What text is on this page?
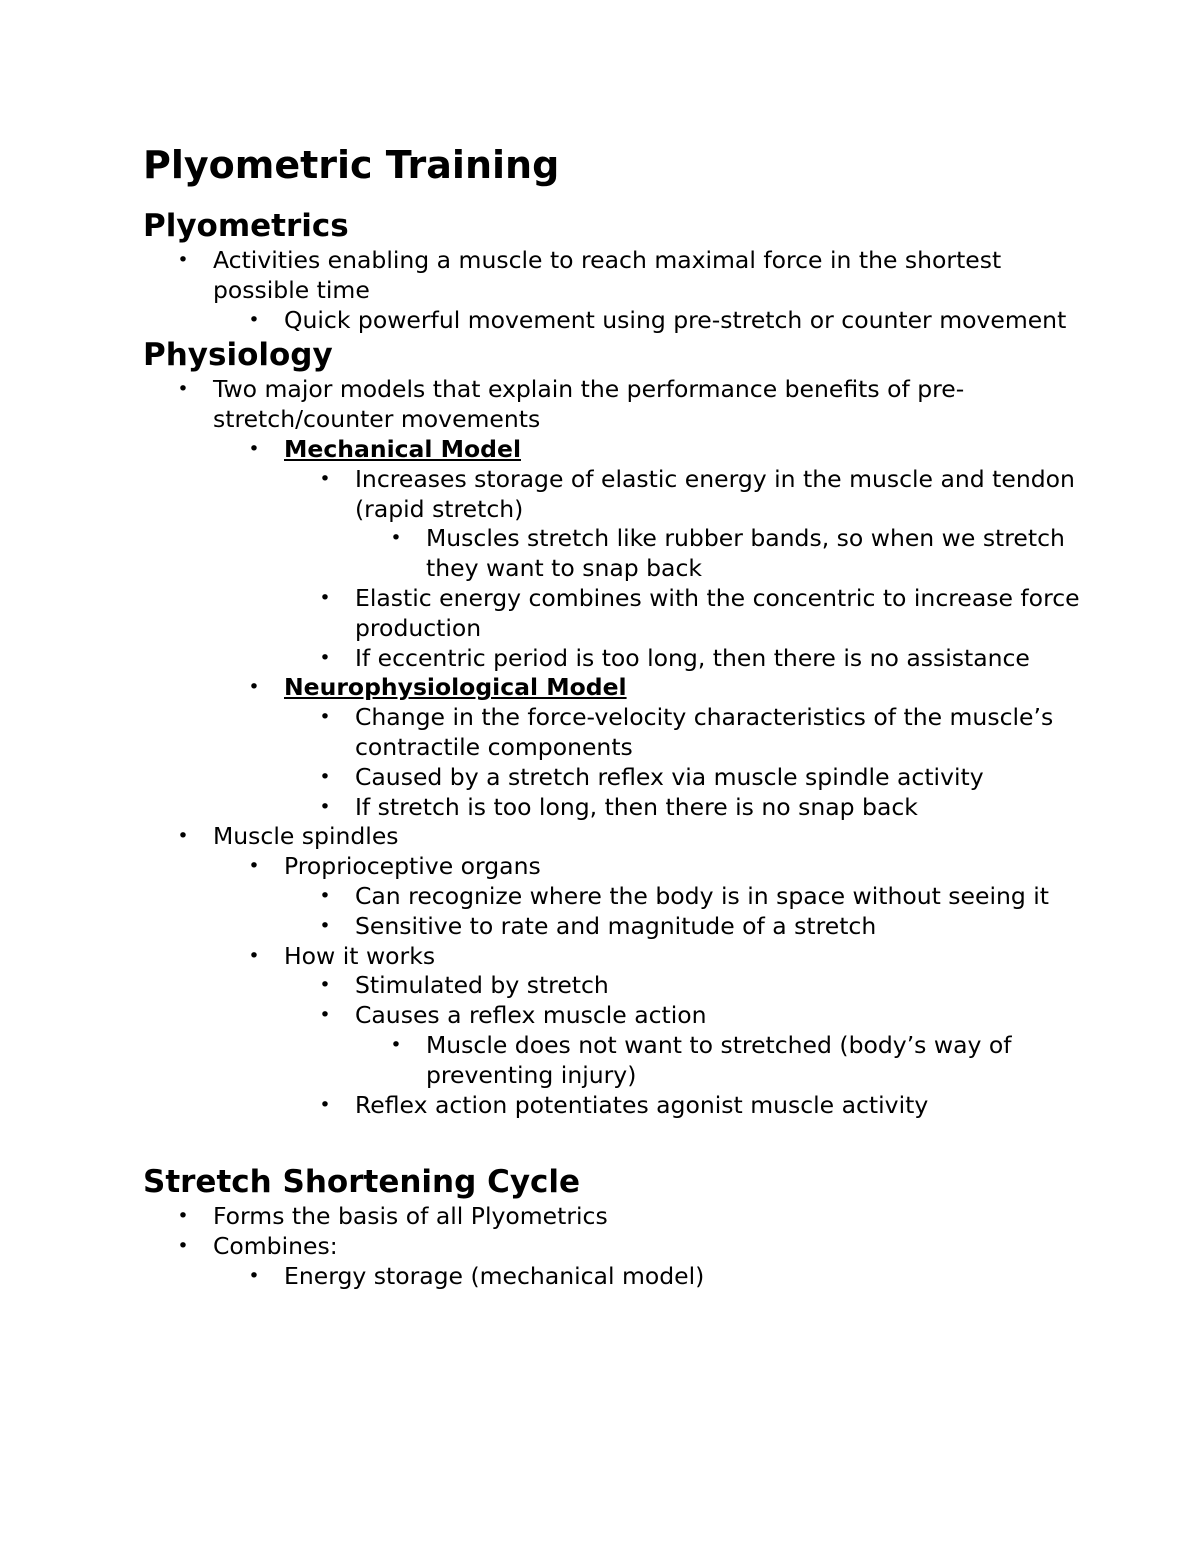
Plyometric Training
Plyometrics
• Activities enabling a muscle to reach maximal force in the shortest possible time
• Quick powerful movement using pre-stretch or counter movement
Physiology
• Two major models that explain the performance benefits of pre-stretch/counter movements
• Mechanical Model
• Increases storage of elastic energy in the muscle and tendon (rapid stretch)
• Muscles stretch like rubber bands, so when we stretch they want to snap back
• Elastic energy combines with the concentric to increase force production
• If eccentric period is too long, then there is no assistance
• Neurophysiological Model
• Change in the force-velocity characteristics of the muscle’s contractile components
• Caused by a stretch reflex via muscle spindle activity
• If stretch is too long, then there is no snap back
• Muscle spindles
• Proprioceptive organs
• Can recognize where the body is in space without seeing it
• Sensitive to rate and magnitude of a stretch
• How it works
• Stimulated by stretch
• Causes a reflex muscle action
• Muscle does not want to stretched (body’s way of preventing injury)
• Reflex action potentiates agonist muscle activity
Stretch Shortening Cycle
• Forms the basis of all Plyometrics
• Combines:
• Energy storage (mechanical model)
